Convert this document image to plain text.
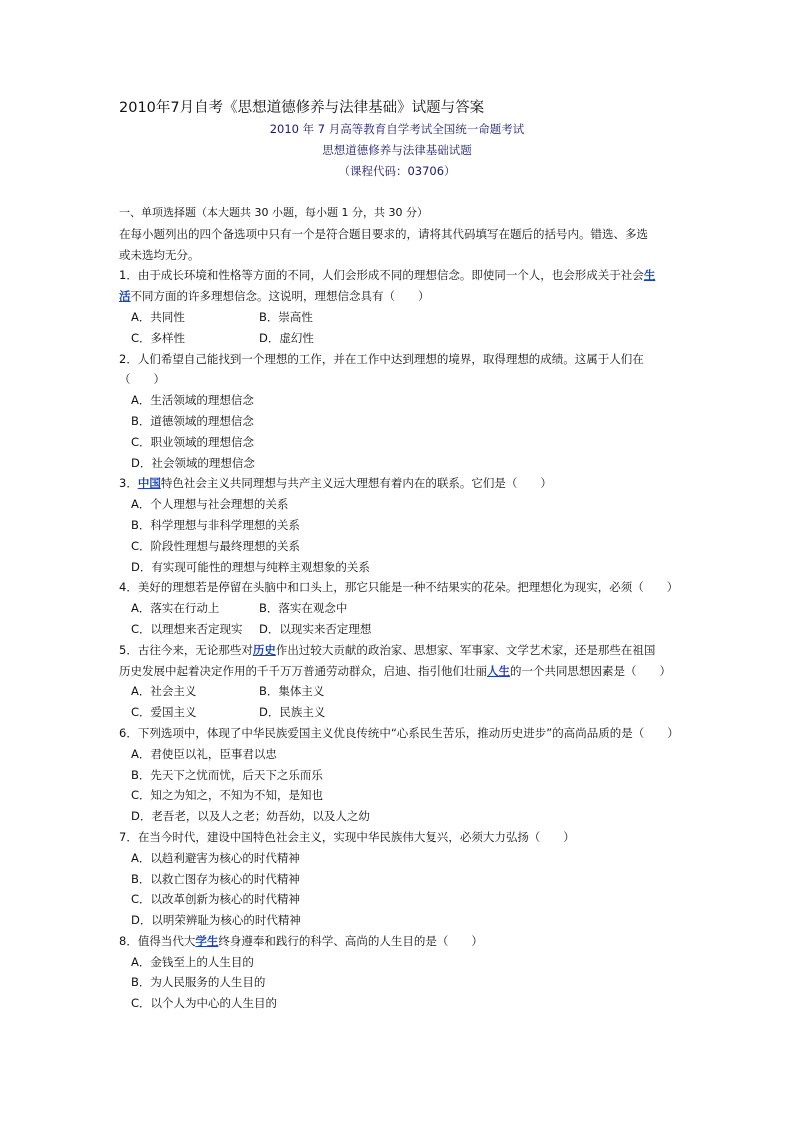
2010年7月自考《思想道德修养与法律基础》试题与答案
2010 年 7 月高等教育自学考试全国统一命题考试
思想道德修养与法律基础试题
（课程代码：03706）
一、单项选择题（本大题共 30 小题，每小题 1 分，共 30 分）
在每小题列出的四个备选项中只有一个是符合题目要求的，请将其代码填写在题后的括号内。错选、多选
或未选均无分。
1．由于成长环境和性格等方面的不同，人们会形成不同的理想信念。即使同一个人，也会形成关于社会生
活不同方面的许多理想信念。这说明，理想信念具有（　　）
A．共同性	B．崇高性
C．多样性	D．虚幻性
2．人们希望自己能找到一个理想的工作，并在工作中达到理想的境界，取得理想的成绩。这属于人们在
（　　）
A．生活领域的理想信念
B．道德领域的理想信念
C．职业领域的理想信念
D．社会领域的理想信念
3．中国特色社会主义共同理想与共产主义远大理想有着内在的联系。它们是（　　）
A．个人理想与社会理想的关系
B．科学理想与非科学理想的关系
C．阶段性理想与最终理想的关系
D．有实现可能性的理想与纯粹主观想象的关系
4．美好的理想若是停留在头脑中和口头上，那它只能是一种不结果实的花朵。把理想化为现实，必须（　　）
A．落实在行动上	B．落实在观念中
C．以理想来否定现实 D．以现实来否定理想
5．古往今来，无论那些对历史作出过较大贡献的政治家、思想家、军事家、文学艺术家，还是那些在祖国
历史发展中起着决定作用的千千万万普通劳动群众，启迪、指引他们壮丽人生的一个共同思想因素是（　　）
A．社会主义	B．集体主义
C．爱国主义	D．民族主义
6．下列选项中，体现了中华民族爱国主义优良传统中“心系民生苦乐，推动历史进步”的高尚品质的是（　　）
A．君使臣以礼，臣事君以忠
B．先天下之忧而忧，后天下之乐而乐
C．知之为知之，不知为不知，是知也
D．老吾老，以及人之老；幼吾幼，以及人之幼
7．在当今时代，建设中国特色社会主义，实现中华民族伟大复兴，必须大力弘扬（　　）
A．以趋利避害为核心的时代精神
B．以救亡图存为核心的时代精神
C．以改革创新为核心的时代精神
D．以明荣辨耻为核心的时代精神
8．值得当代大学生终身遵奉和践行的科学、高尚的人生目的是（　　）
A．金钱至上的人生目的
B．为人民服务的人生目的
C．以个人为中心的人生目的
